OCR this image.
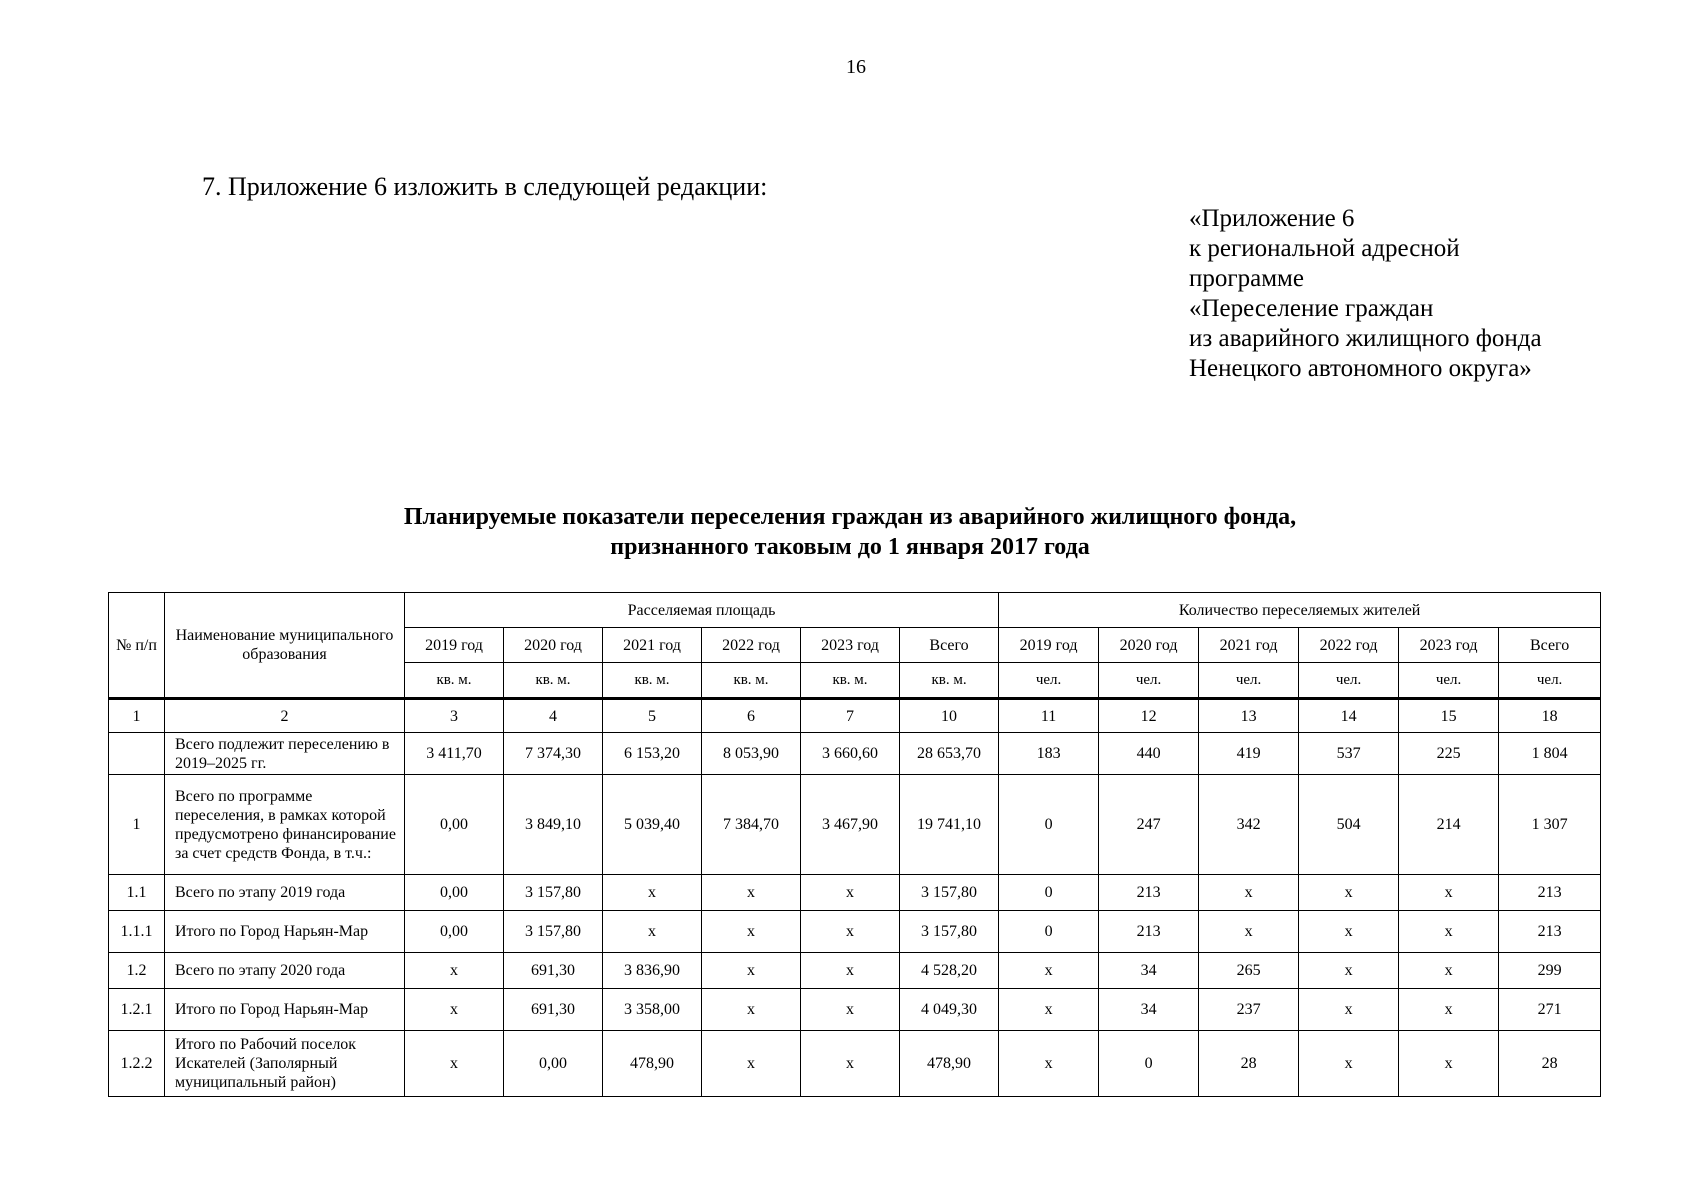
16
7. Приложение 6 изложить в следующей редакции:
«Приложение 6
к региональной адресной
программе
«Переселение граждан
из аварийного жилищного фонда
Ненецкого автономного округа»
Планируемые показатели переселения граждан из аварийного жилищного фонда,
признанного таковым до 1 января 2017 года
№ п/п	Наименование муниципального образования	Расселяемая площадь						Количество переселяемых жителей					
		2019 год	2020 год	2021 год	2022 год	2023 год	Всего	2019 год	2020 год	2021 год	2022 год	2023 год	Всего
		кв. м.	кв. м.	кв. м.	кв. м.	кв. м.	кв. м.	чел.	чел.	чел.	чел.	чел.	чел.
1	2	3	4	5	6	7	10	11	12	13	14	15	18
	Всего подлежит переселению в 2019–2025 гг.	3 411,70	7 374,30	6 153,20	8 053,90	3 660,60	28 653,70	183	440	419	537	225	1 804
1	Всего по программе переселения, в рамках которой предусмотрено финансирование за счет средств Фонда, в т.ч.:	0,00	3 849,10	5 039,40	7 384,70	3 467,90	19 741,10	0	247	342	504	214	1 307
1.1	Всего по этапу 2019 года	0,00	3 157,80	х	х	х	3 157,80	0	213	х	х	х	213
1.1.1	Итого по Город Нарьян-Мар	0,00	3 157,80	х	х	х	3 157,80	0	213	х	х	х	213
1.2	Всего по этапу 2020 года	х	691,30	3 836,90	х	х	4 528,20	х	34	265	х	х	299
1.2.1	Итого по Город Нарьян-Мар	х	691,30	3 358,00	х	х	4 049,30	х	34	237	х	х	271
1.2.2	Итого по Рабочий поселок Искателей (Заполярный муниципальный район)	х	0,00	478,90	х	х	478,90	х	0	28	х	х	28
